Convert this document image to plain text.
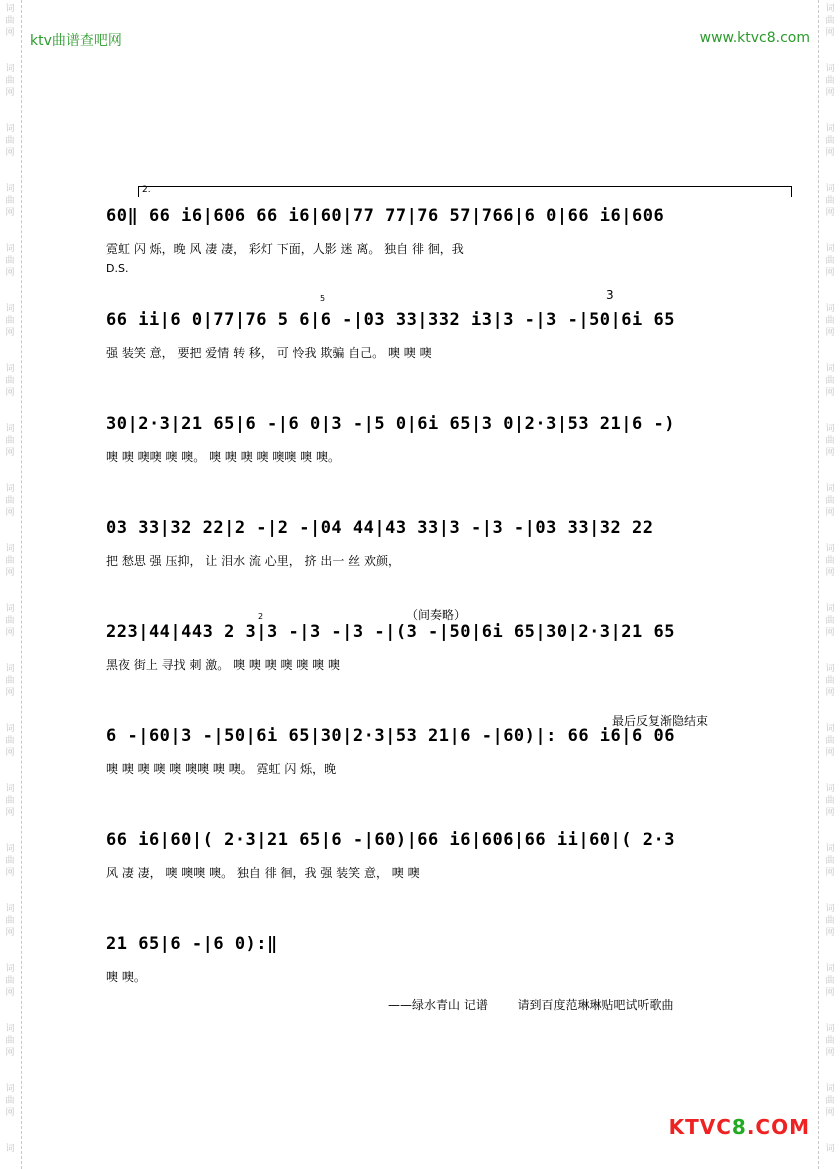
词
曲
网
词
曲
网
词
曲
网
词
曲
网
词
曲
网
词
曲
网
词
曲
网
词
曲
网
词
曲
网
词
曲
网
词
曲
网
词
曲
网
词
曲
网
词
曲
网
词
曲
网
词
曲
网
词
曲
网
词
曲
网
词
曲
网
词
词
曲
网
词
曲
网
词
曲
网
词
曲
网
词
曲
网
词
曲
网
词
曲
网
词
曲
网
词
曲
网
词
曲
网
词
曲
网
词
曲
网
词
曲
网
词
曲
网
词
曲
网
词
曲
网
词
曲
网
词
曲
网
词
曲
网
词
ktv曲谱查吧网	www.ktvc8.com
2.
60‖ 66 i6|606 66 i6|60|77 77|76 57|766|6 0|66 i6|606
霓虹 闪 烁，晚 风 凄 凄， 彩灯 下面，人影 迷 离。 独自 徘 徊，我
D.S.
5	3
66 ii|6 0|77|76 5 6|6 -|03 33|332 i3|3 -|3 -|50|6i 65
强 装笑 意， 要把 爱情 转 移， 可 怜我 欺骗 自己。 噢 噢 噢
30|2·3|21 65|6 -|6 0|3 -|5 0|6i 65|3 0|2·3|53 21|6 -)
噢 噢 噢噢 噢 噢。 噢 噢 噢 噢 噢噢 噢 噢。
03 33|32 22|2 -|2 -|04 44|43 33|3 -|3 -|03 33|32 22
把 愁思 强 压抑， 让 泪水 流 心里， 挤 出一 丝 欢颜，
2	（间奏略）
223|44|443 2 3|3 -|3 -|3 -|(3 -|50|6i 65|30|2·3|21 65
黑夜 街上 寻找 刺 激。 噢 噢 噢 噢 噢 噢 噢
最后反复渐隐结束
6 -|60|3 -|50|6i 65|30|2·3|53 21|6 -|60)|: 66 i6|6 06
噢 噢 噢 噢 噢 噢噢 噢 噢。 霓虹 闪 烁，晚
66 i6|60|( 2·3|21 65|6 -|60)|66 i6|606|66 ii|60|( 2·3
风 凄 凄， 噢 噢噢 噢。 独自 徘 徊，我 强 装笑 意， 噢 噢
21 65|6 -|6 0):‖
噢 噢。
——绿水青山 记谱 请到百度范琳琳贴吧试听歌曲
KTVC8.COM
